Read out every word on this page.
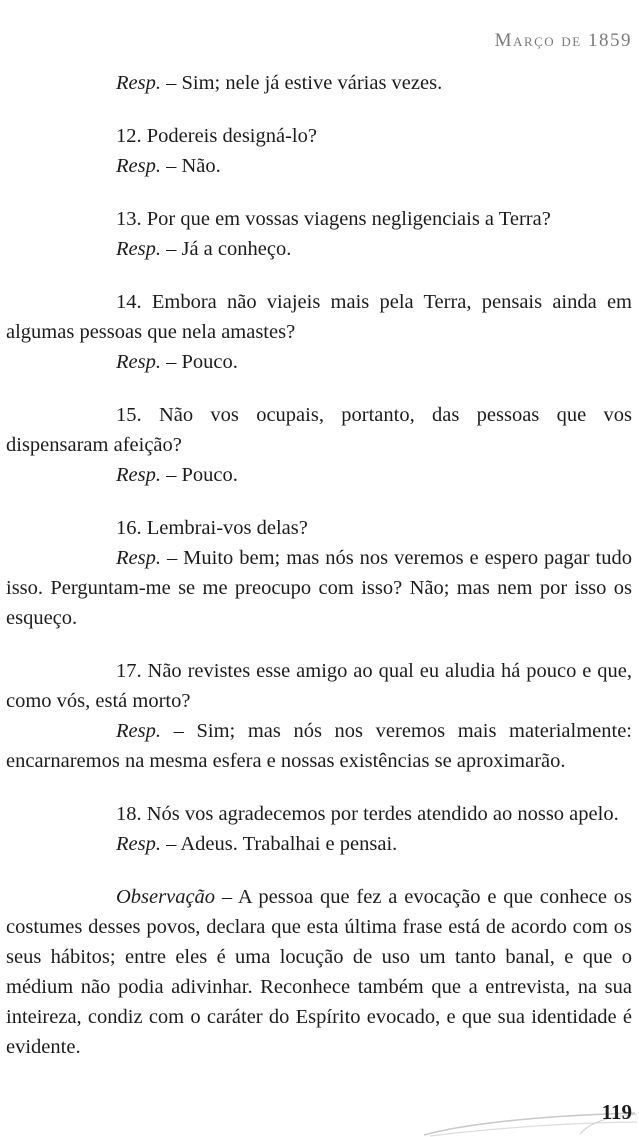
Março de 1859

Resp. – Sim; nele já estive várias vezes.

12. Podereis designá-lo?

Resp. – Não.

13. Por que em vossas viagens negligenciais a Terra?

Resp. – Já a conheço.

14. Embora não viajeis mais pela Terra, pensais ainda em algumas pessoas que nela amastes?

Resp. – Pouco.

15. Não vos ocupais, portanto, das pessoas que vos dispensaram afeição?

Resp. – Pouco.

16. Lembrai-vos delas?

Resp. – Muito bem; mas nós nos veremos e espero pagar tudo isso. Perguntam-me se me preocupo com isso? Não; mas nem por isso os esqueço.

17. Não revistes esse amigo ao qual eu aludia há pouco e que, como vós, está morto?

Resp. – Sim; mas nós nos veremos mais materialmente: encarnaremos na mesma esfera e nossas existências se aproximarão.

18. Nós vos agradecemos por terdes atendido ao nosso apelo.

Resp. – Adeus. Trabalhai e pensai.

Observação – A pessoa que fez a evocação e que conhece os costumes desses povos, declara que esta última frase está de acordo com os seus hábitos; entre eles é uma locução de uso um tanto banal, e que o médium não podia adivinhar. Reconhece também que a entrevista, na sua inteireza, condiz com o caráter do Espírito evocado, e que sua identidade é evidente.

119
